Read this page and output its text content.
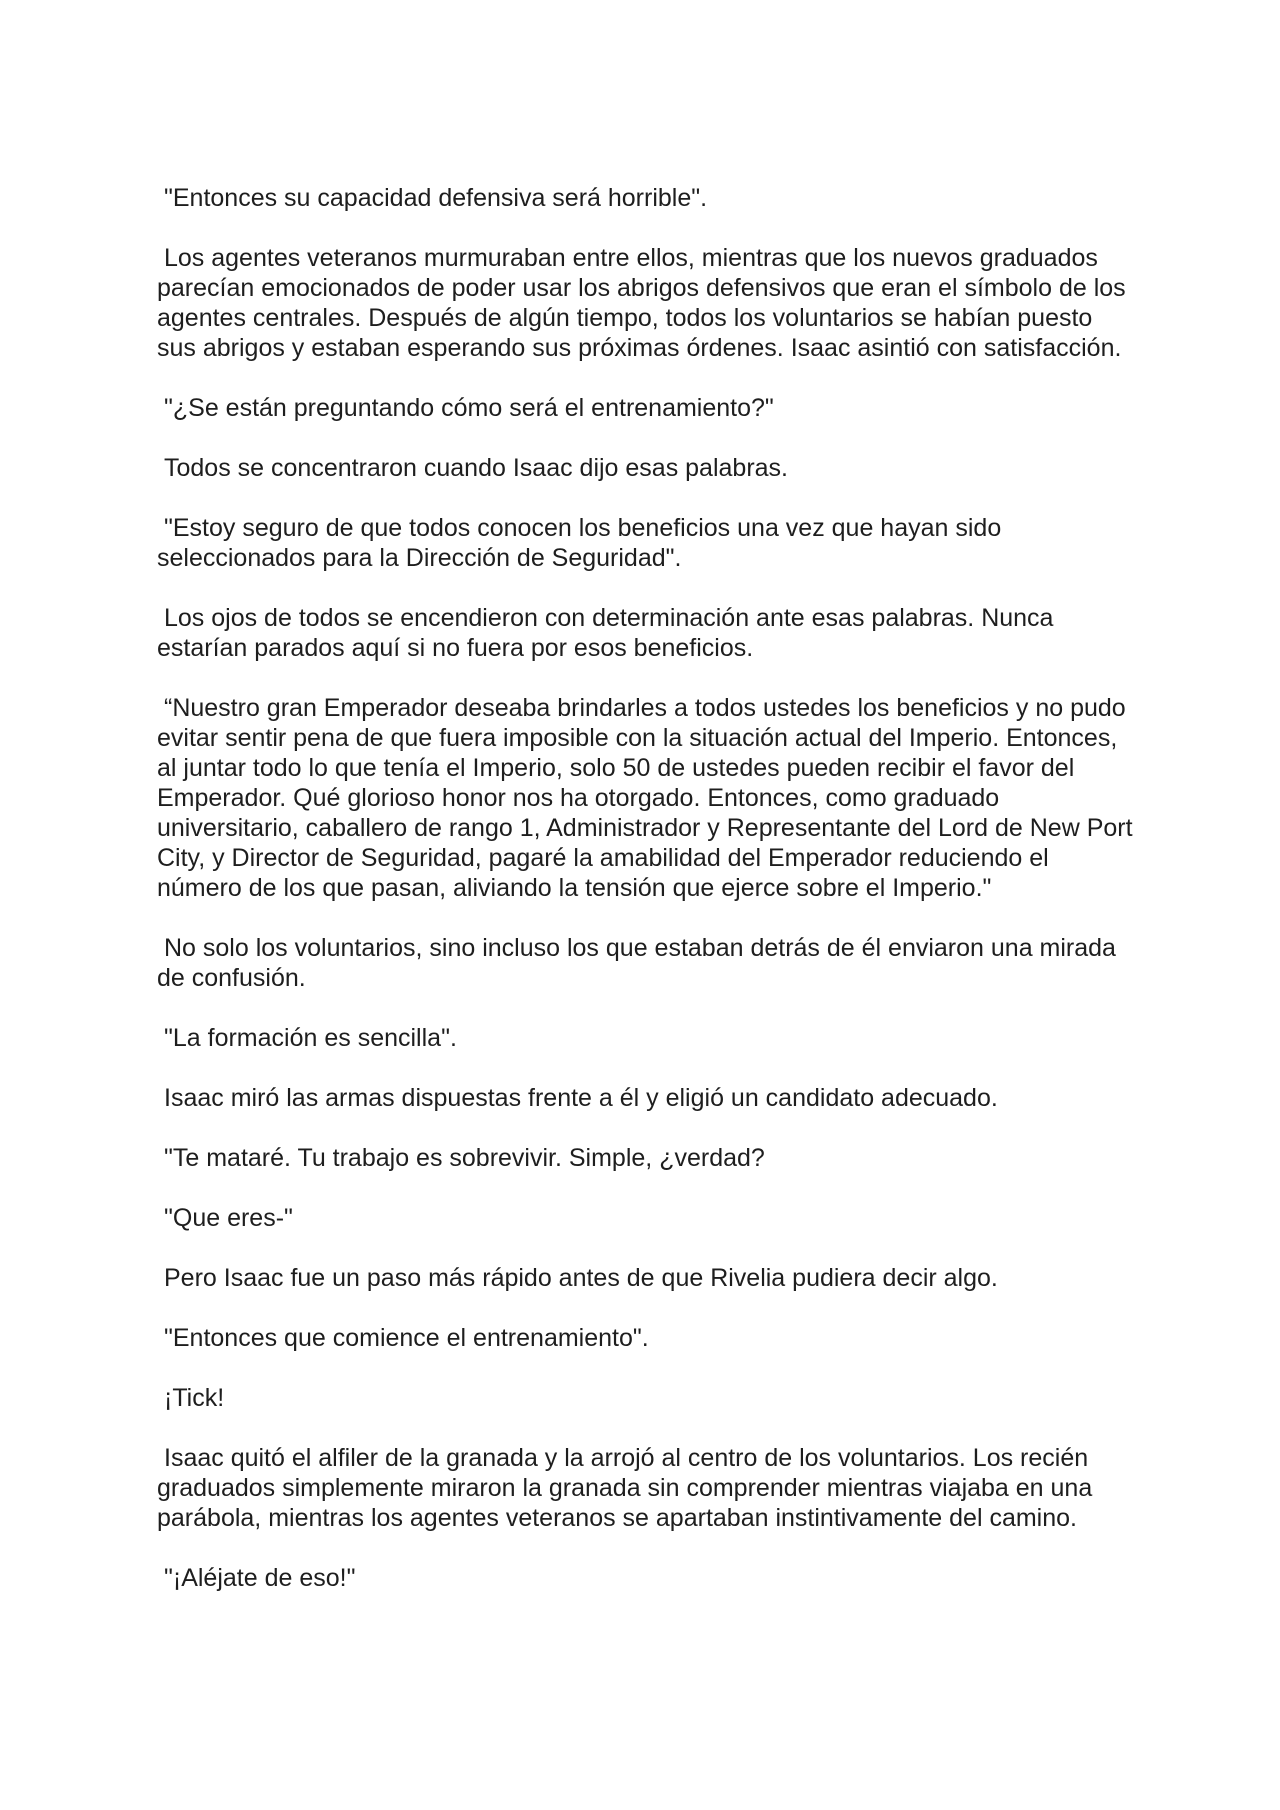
"Entonces su capacidad defensiva será horrible".

Los agentes veteranos murmuraban entre ellos, mientras que los nuevos graduados parecían emocionados de poder usar los abrigos defensivos que eran el símbolo de los agentes centrales. Después de algún tiempo, todos los voluntarios se habían puesto sus abrigos y estaban esperando sus próximas órdenes. Isaac asintió con satisfacción.

"¿Se están preguntando cómo será el entrenamiento?"

Todos se concentraron cuando Isaac dijo esas palabras.

"Estoy seguro de que todos conocen los beneficios una vez que hayan sido seleccionados para la Dirección de Seguridad".

Los ojos de todos se encendieron con determinación ante esas palabras. Nunca estarían parados aquí si no fuera por esos beneficios.

“Nuestro gran Emperador deseaba brindarles a todos ustedes los beneficios y no pudo evitar sentir pena de que fuera imposible con la situación actual del Imperio. Entonces, al juntar todo lo que tenía el Imperio, solo 50 de ustedes pueden recibir el favor del Emperador. Qué glorioso honor nos ha otorgado. Entonces, como graduado universitario, caballero de rango 1, Administrador y Representante del Lord de New Port City, y Director de Seguridad, pagaré la amabilidad del Emperador reduciendo el número de los que pasan, aliviando la tensión que ejerce sobre el Imperio."

No solo los voluntarios, sino incluso los que estaban detrás de él enviaron una mirada de confusión.

"La formación es sencilla".

Isaac miró las armas dispuestas frente a él y eligió un candidato adecuado.

"Te mataré. Tu trabajo es sobrevivir. Simple, ¿verdad?

"Que eres-"

Pero Isaac fue un paso más rápido antes de que Rivelia pudiera decir algo.

"Entonces que comience el entrenamiento".

¡Tick!

Isaac quitó el alfiler de la granada y la arrojó al centro de los voluntarios. Los recién graduados simplemente miraron la granada sin comprender mientras viajaba en una parábola, mientras los agentes veteranos se apartaban instintivamente del camino.

"¡Aléjate de eso!"
